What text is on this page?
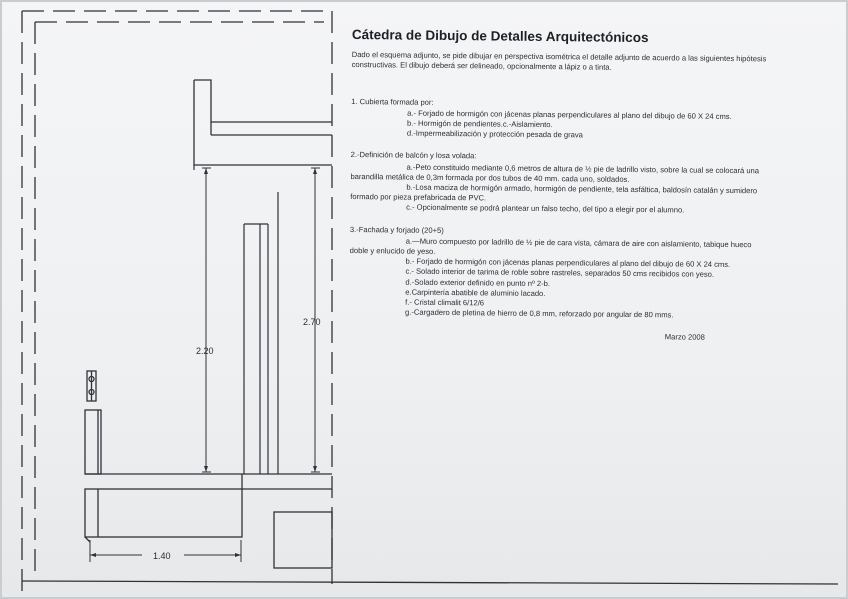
2.20
2.70
1.40
Cátedra de Dibujo de Detalles Arquitectónicos
Dado el esquema adjunto, se pide dibujar en perspectiva isométrica el detalle adjunto de acuerdo a las siguientes hipótesis constructivas. El dibujo deberá ser delineado, opcionalmente a lápiz o a tinta.
1. Cubierta formada por:
a.- Forjado de hormigón con jácenas planas perpendiculares al plano del dibujo de 60 X 24 cms.
b.- Hormigón de pendientes.c.-Aislamiento.
d.-Impermeabilización y protección pesada de grava
2.-Definición de balcón y losa volada:
a.-Peto constituido mediante 0,6 metros de altura de ½ pie de ladrillo visto, sobre la cual se colocará una
barandilla metálica de 0,3m formada por dos tubos de 40 mm. cada uno, soldados.
b.-Losa maciza de hormigón armado, hormigón de pendiente, tela asfáltica, baldosín catalán y sumidero
formado por pieza prefabricada de PVC.
c.- Opcionalmente se podrá plantear un falso techo, del tipo a elegir por el alumno.
3.-Fachada y forjado (20+5)
a.—Muro compuesto por ladrillo de ½ pie de cara vista, cámara de aire con aislamiento, tabique hueco
doble y enlucido de yeso.
b.- Forjado de hormigón con jácenas planas perpendiculares al plano del dibujo de 60 X 24 cms.
c.- Solado interior de tarima de roble sobre rastreles, separados 50 cms recibidos con yeso.
d.-Solado exterior definido en punto nº 2-b.
e.Carpintería abatible de aluminio lacado.
f.- Cristal climalit 6/12/6
g.-Cargadero de pletina de hierro de 0,8 mm, reforzado por angular de 80 mms.
Marzo 2008
